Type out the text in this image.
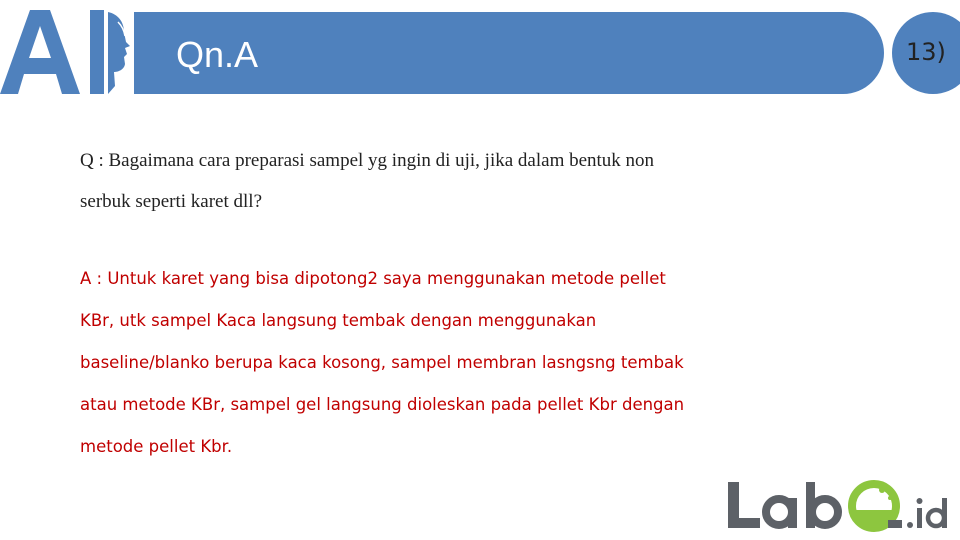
Qn.A	13)
Q : Bagaimana cara preparasi sampel yg ingin di uji, jika dalam bentuk non
serbuk seperti karet dll?
A : Untuk karet yang bisa dipotong2 saya menggunakan metode pellet
KBr, utk sampel Kaca langsung tembak dengan menggunakan
baseline/blanko berupa kaca kosong, sampel membran lasngsng tembak
atau metode KBr, sampel gel langsung dioleskan pada pellet Kbr dengan
metode pellet Kbr.
